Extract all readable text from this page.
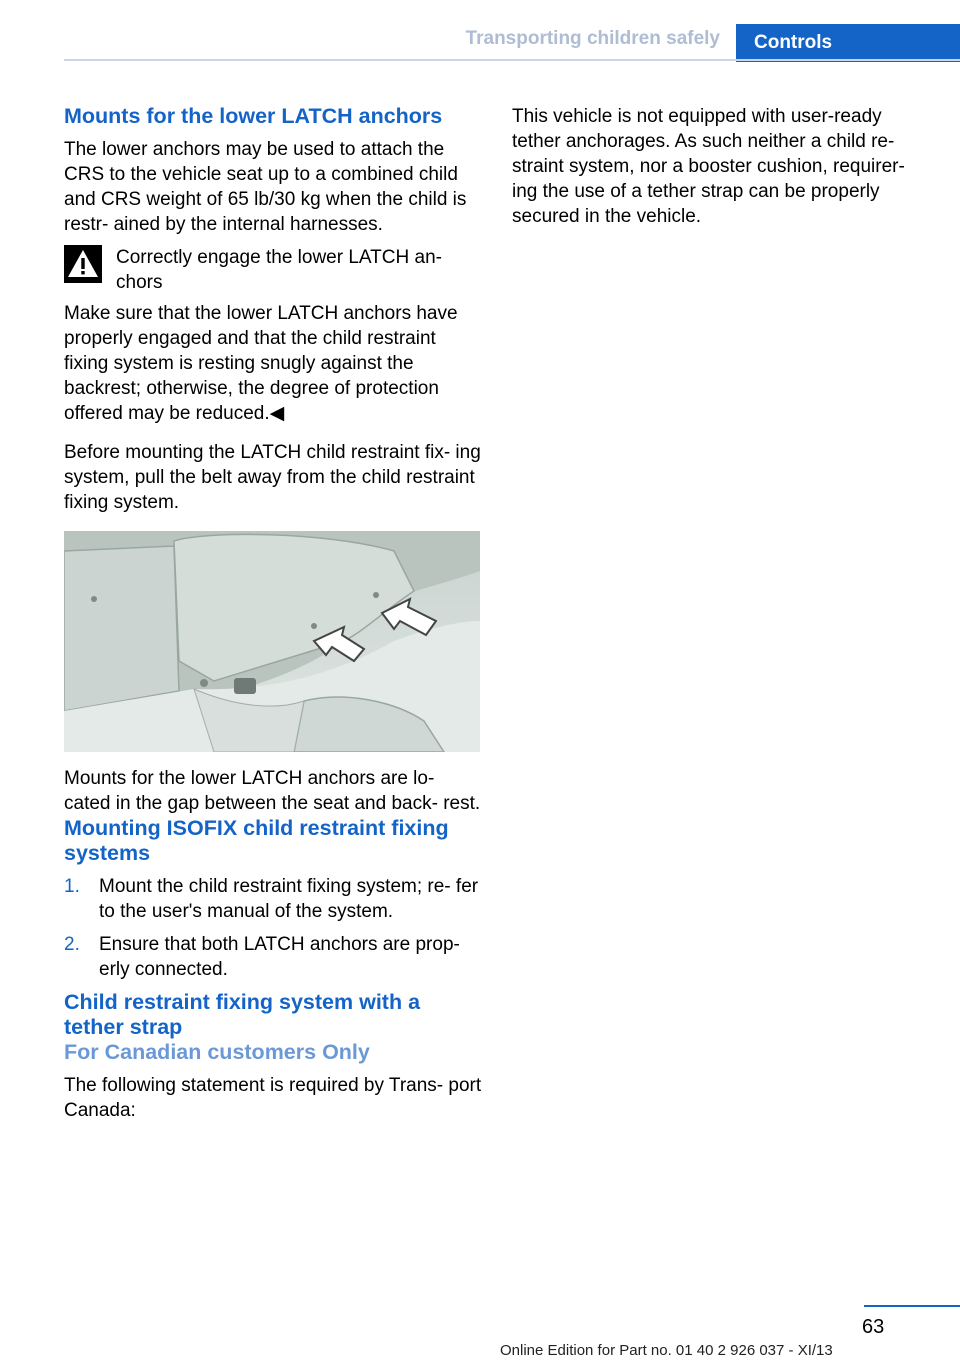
Transporting children safely Controls
Mounts for the lower LATCH anchors

The lower anchors may be used to attach the CRS to the vehicle seat up to a combined child and CRS weight of 65 lb/30 kg when the child is restr- ained by the internal harnesses.

Correctly engage the lower LATCH an- chors

Make sure that the lower LATCH anchors have properly engaged and that the child restraint fixing system is resting snugly against the backrest; otherwise, the degree of protection offered may be reduced.◀

Before mounting the LATCH child restraint fix- ing system, pull the belt away from the child restraint fixing system.

Mounts for the lower LATCH anchors are lo- cated in the gap between the seat and back- rest.

Mounting ISOFIX child restraint fixing systems
1. Mount the child restraint fixing system; re- fer to the user's manual of the system.
2. Ensure that both LATCH anchors are prop- erly connected.
Child restraint fixing system with a tether strap
For Canadian customers Only

The following statement is required by Trans- port Canada:

This vehicle is not equipped with user-ready tether anchorages. As such neither a child re- straint system, nor a booster cushion, requirer- ing the use of a tether strap can be properly secured in the vehicle.

63
Online Edition for Part no. 01 40 2 926 037 - XI/13
